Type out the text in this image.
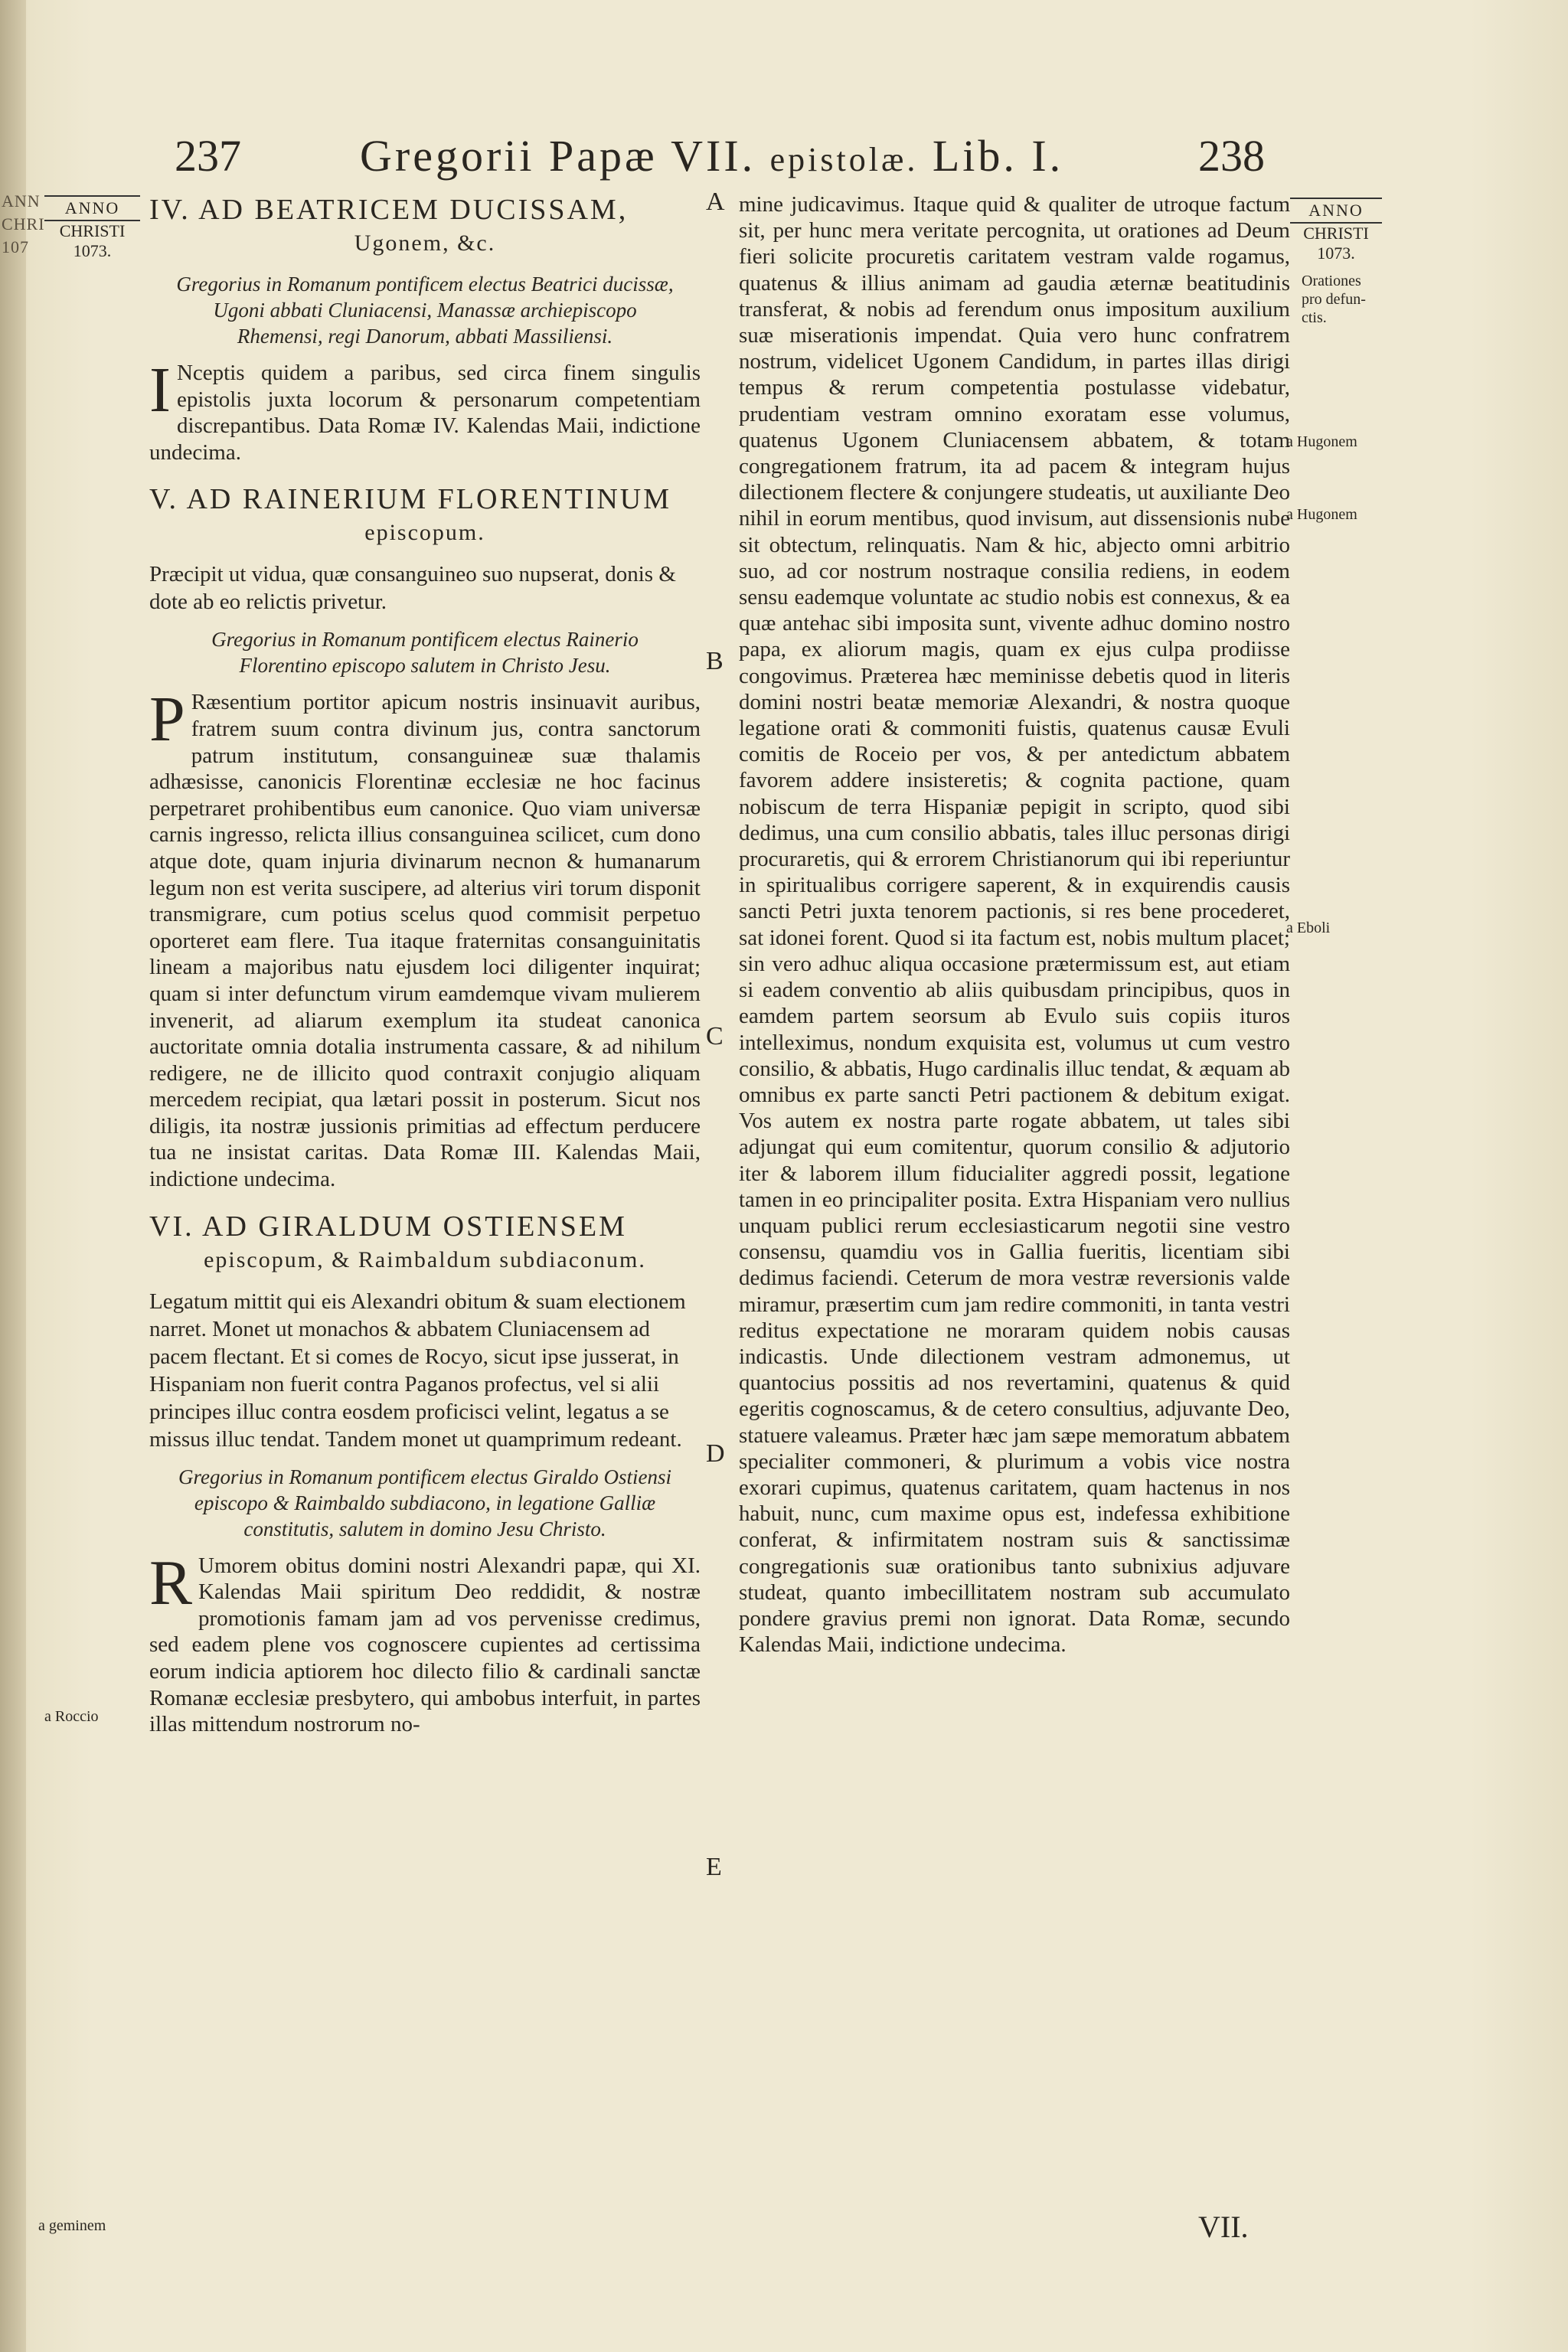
ANN
CHRI
107
237	Gregorii Papæ VII. epistolæ. Lib. I.	238
ANNO
CHRISTI
1073.
ANNO
CHRISTI
1073.
Orationes pro defun-ctis.
a Hugonem
a Hugonem
a Eboli
a Roccio
a geminem
A
B
C
D
E
IV. AD BEATRICEM DUCISSAM,
Ugonem, &c.
Gregorius in Romanum pontificem electus Beatrici ducissæ, Ugoni abbati Cluniacensi, Manassæ archiepiscopo Rhemensi, regi Danorum, abbati Massiliensi.
I Nceptis quidem a paribus, sed circa finem singulis epistolis juxta locorum & personarum competentiam discrepantibus. Data Romæ IV. Kalendas Maii, indictione undecima.
V. AD RAINERIUM FLORENTINUM
episcopum.
Præcipit ut vidua, quæ consanguineo suo nupserat, donis & dote ab eo relictis privetur.
Gregorius in Romanum pontificem electus Rainerio Florentino episcopo salutem in Christo Jesu.
P Ræsentium portitor apicum nostris insinuavit auribus, fratrem suum contra divinum jus, contra sanctorum patrum institutum, consanguineæ suæ thalamis adhæsisse, canonicis Florentinæ ecclesiæ ne hoc facinus perpetraret prohibentibus eum canonice. Quo viam universæ carnis ingresso, relicta illius consanguinea scilicet, cum dono atque dote, quam injuria divinarum necnon & humanarum legum non est verita suscipere, ad alterius viri torum disponit transmigrare, cum potius scelus quod commisit perpetuo oporteret eam flere. Tua itaque fraternitas consanguinitatis lineam a majoribus natu ejusdem loci diligenter inquirat; quam si inter defunctum virum eamdemque vivam mulierem invenerit, ad aliarum exemplum ita studeat canonica auctoritate omnia dotalia instrumenta cassare, & ad nihilum redigere, ne de illicito quod contraxit conjugio aliquam mercedem recipiat, qua lætari possit in posterum. Sicut nos diligis, ita nostræ jussionis primitias ad effectum perducere tua ne insistat caritas. Data Romæ III. Kalendas Maii, indictione undecima.
VI. AD GIRALDUM OSTIENSEM
episcopum, & Raimbaldum subdiaconum.
Legatum mittit qui eis Alexandri obitum & suam electionem narret. Monet ut monachos & abbatem Cluniacensem ad pacem flectant. Et si comes de Rocyo, sicut ipse jusserat, in Hispaniam non fuerit contra Paganos profectus, vel si alii principes illuc contra eosdem proficisci velint, legatus a se missus illuc tendat. Tandem monet ut quamprimum redeant.
Gregorius in Romanum pontificem electus Giraldo Ostiensi episcopo & Raimbaldo subdiacono, in legatione Galliæ constitutis, salutem in domino Jesu Christo.
R Umorem obitus domini nostri Alexandri papæ, qui XI. Kalendas Maii spiritum Deo reddidit, & nostræ promotionis famam jam ad vos pervenisse credimus, sed eadem plene vos cognoscere cupientes ad certissima eorum indicia aptiorem hoc dilecto filio & cardinali sanctæ Romanæ ecclesiæ presbytero, qui ambobus interfuit, in partes illas mittendum nostrorum no-
mine judicavimus. Itaque quid & qualiter de utroque factum sit, per hunc mera veritate percognita, ut orationes ad Deum fieri solicite procuretis caritatem vestram valde rogamus, quatenus & illius animam ad gaudia æternæ beatitudinis transferat, & nobis ad ferendum onus impositum auxilium suæ miserationis impendat. Quia vero hunc confratrem nostrum, videlicet Ugonem Candidum, in partes illas dirigi tempus & rerum competentia postulasse videbatur, prudentiam vestram omnino exoratam esse volumus, quatenus Ugonem Cluniacensem abbatem, & totam congregationem fratrum, ita ad pacem & integram hujus dilectionem flectere & conjungere studeatis, ut auxiliante Deo nihil in eorum mentibus, quod invisum, aut dissensionis nube sit obtectum, relinquatis. Nam & hic, abjecto omni arbitrio suo, ad cor nostrum nostraque consilia rediens, in eodem sensu eademque voluntate ac studio nobis est connexus, & ea quæ antehac sibi imposita sunt, vivente adhuc domino nostro papa, ex aliorum magis, quam ex ejus culpa prodiisse congovimus. Præterea hæc meminisse debetis quod in literis domini nostri beatæ memoriæ Alexandri, & nostra quoque legatione orati & commoniti fuistis, quatenus causæ Evuli comitis de Roceio per vos, & per antedictum abbatem favorem addere insisteretis; & cognita pactione, quam nobiscum de terra Hispaniæ pepigit in scripto, quod sibi dedimus, una cum consilio abbatis, tales illuc personas dirigi procuraretis, qui & errorem Christianorum qui ibi reperiuntur in spiritualibus corrigere saperent, & in exquirendis causis sancti Petri juxta tenorem pactionis, si res bene procederet, sat idonei forent. Quod si ita factum est, nobis multum placet; sin vero adhuc aliqua occasione prætermissum est, aut etiam si eadem conventio ab aliis quibusdam principibus, quos in eamdem partem seorsum ab Evulo suis copiis ituros intelleximus, nondum exquisita est, volumus ut cum vestro consilio, & abbatis, Hugo cardinalis illuc tendat, & æquam ab omnibus ex parte sancti Petri pactionem & debitum exigat. Vos autem ex nostra parte rogate abbatem, ut tales sibi adjungat qui eum comitentur, quorum consilio & adjutorio iter & laborem illum fiducialiter aggredi possit, legatione tamen in eo principaliter posita. Extra Hispaniam vero nullius unquam publici rerum ecclesiasticarum negotii sine vestro consensu, quamdiu vos in Gallia fueritis, licentiam sibi dedimus faciendi. Ceterum de mora vestræ reversionis valde miramur, præsertim cum jam redire commoniti, in tanta vestri reditus expectatione ne moraram quidem nobis causas indicastis. Unde dilectionem vestram admonemus, ut quantocius possitis ad nos revertamini, quatenus & quid egeritis cognoscamus, & de cetero consultius, adjuvante Deo, statuere valeamus. Præter hæc jam sæpe memoratum abbatem specialiter commoneri, & plurimum a vobis vice nostra exorari cupimus, quatenus caritatem, quam hactenus in nos habuit, nunc, cum maxime opus est, indefessa exhibitione conferat, & infirmitatem nostram suis & sanctissimæ congregationis suæ orationibus tanto subnixius adjuvare studeat, quanto imbecillitatem nostram sub accumulato pondere gravius premi non ignorat. Data Romæ, secundo Kalendas Maii, indictione undecima.
VII.
